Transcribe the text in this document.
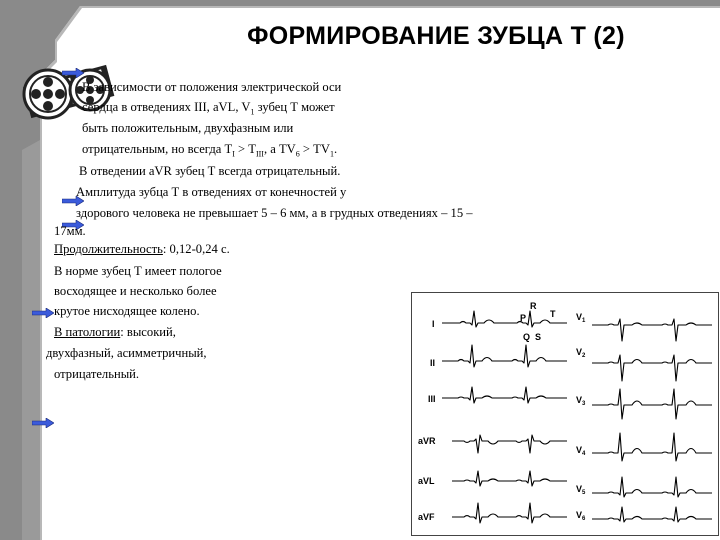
ФОРМИРОВАНИЕ ЗУБЦА Т (2)
В зависимости от положения электрической оси
сердца в отведениях III, aVL, $V_1$ зубец Т может
быть положительным, двухфазным или
отрицательным, но всегда $Т_I > Т_{III}$, а $ТV_6 > ТV_1$.
В отведении aVR зубец Т всегда отрицательный.
Амплитуда зубца Т в отведениях от конечностей у
здорового человека не превышает 5 – 6 мм, а в грудных отведениях – 15 –
17мм.
Продолжительность: 0,12-0,24 с.
В норме зубец Т имеет пологое
восходящее и несколько более
крутое нисходящее колено.
В патологии: высокий,
двухфазный, асимметричный,
отрицательный.
P
R
T
Q S
I
II
III
aVR
aVL
aVF
$V_1$
$V_2$
$V_3$
$V_4$
$V_5$
$V_6$
